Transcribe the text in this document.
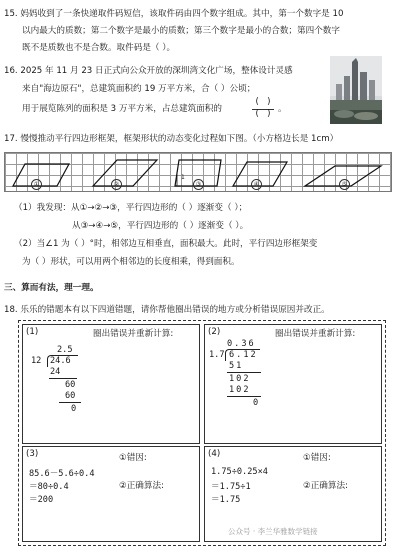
15. 妈妈收到了一条快递取件码短信，该取件码由四个数字组成。其中，第一个数字是 10
以内最大的质数；第二个数字是最小的质数；第三个数字是最小的合数；第四个数字
既不是质数也不是合数。取件码是（ ）。
16. 2025 年 11 月 23 日正式向公众开放的深圳湾文化广场，整体设计灵感
来自"海边原石"，总建筑面积约 19 万平方米，合（ ）公顷；
用于展览陈列的面积是 3 万平方米，占总建筑面积的	$\frac{( )}{( )}$ 。
17. 慢慢推动平行四边形框架，框架形状的动态变化过程如下图。（小方格边长是 1cm）
①	②
1
③	④	⑤
（1）我发现：从①→②→③，平行四边形的（ ）逐渐变（ ）；
从③→④→⑤，平行四边形的（ ）逐渐变（ ）。
（2）当∠1 为（ ）°时，相邻边互相垂直，面积最大。此时，平行四边形框架变
为（ ）形状，可以用两个相邻边的长度相乘，得到面积。
三、算而有法，理一理。
18. 乐乐的错题本有以下四道错题，请你帮他圈出错误的地方或分析错误原因并改正。
(1)	圈出错误并重新计算:
2.5
12 24.6
24
60
60
0
(2)	圈出错误并重新计算:
0.36
1.7 6.12
51
102
102
0
(3)
85.6－5.6÷0.4
＝80÷0.4
＝200
①错因:
②正确算法:
(4)
1.75÷0.25×4
＝1.75÷1
＝1.75
①错因:
②正确算法:
公众号 · 李兰华雅数学链接
